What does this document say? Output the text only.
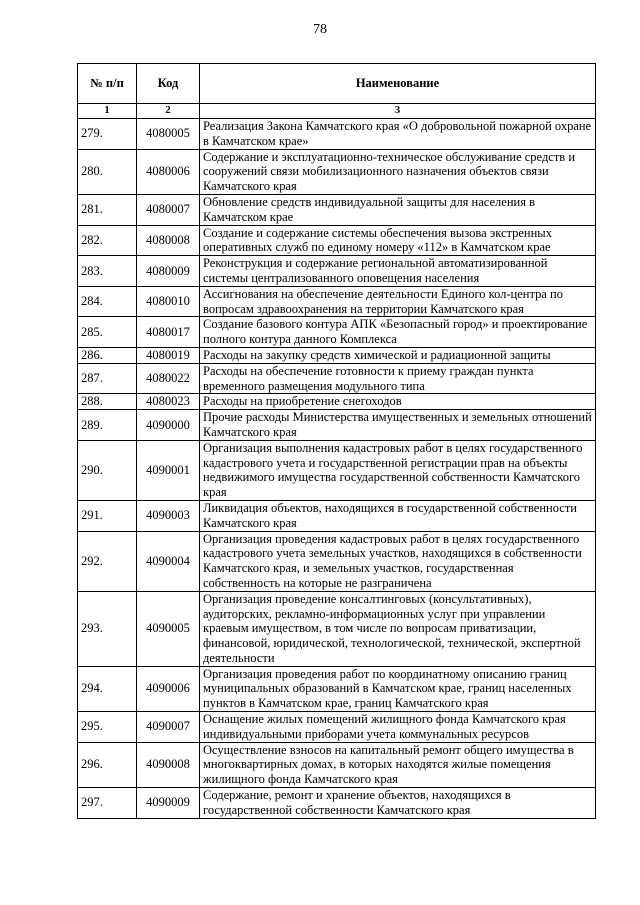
78
№ п/п	Код	Наименование
1	2	3
279.	4080005	Реализация Закона Камчатского края «О добровольной пожарной охране в Камчатском крае»
280.	4080006	Содержание и эксплуатационно-техническое обслуживание средств и сооружений связи мобилизационного назначения объектов связи Камчатского края
281.	4080007	Обновление средств индивидуальной защиты для населения в Камчатском крае
282.	4080008	Создание и содержание системы обеспечения вызова экстренных оперативных служб по единому номеру «112» в Камчатском крае
283.	4080009	Реконструкция и содержание региональной автоматизированной системы централизованного оповещения населения
284.	4080010	Ассигнования на обеспечение деятельности Единого кол-центра по вопросам здравоохранения на территории Камчатского края
285.	4080017	Создание базового контура АПК «Безопасный город» и проектирование полного контура данного Комплекса
286.	4080019	Расходы на закупку средств химической и радиационной защиты
287.	4080022	Расходы на обеспечение готовности к приему граждан пункта временного размещения модульного типа
288.	4080023	Расходы на приобретение снегоходов
289.	4090000	Прочие расходы Министерства имущественных и земельных отношений Камчатского края
290.	4090001	Организация выполнения кадастровых работ в целях государственного кадастрового учета и государственной регистрации прав на объекты недвижимого имущества государственной собственности Камчатского края
291.	4090003	Ликвидация объектов, находящихся в государственной собственности Камчатского края
292.	4090004	Организация проведения кадастровых работ в целях государственного кадастрового учета земельных участков, находящихся в собственности Камчатского края, и земельных участков, государственная собственность на которые не разграничена
293.	4090005	Организация проведение консалтинговых (консультативных), аудиторских, рекламно-информационных услуг при управлении краевым имуществом, в том числе по вопросам приватизации, финансовой, юридической, технологической, технической, экспертной деятельности
294.	4090006	Организация проведения работ по координатному описанию границ муниципальных образований в Камчатском крае, границ населенных пунктов в Камчатском крае, границ Камчатского края
295.	4090007	Оснащение жилых помещений жилищного фонда Камчатского края индивидуальными приборами учета коммунальных ресурсов
296.	4090008	Осуществление взносов на капитальный ремонт общего имущества в многоквартирных домах, в которых находятся жилые помещения жилищного фонда Камчатского края
297.	4090009	Содержание, ремонт и хранение объектов, находящихся в государственной собственности Камчатского края
